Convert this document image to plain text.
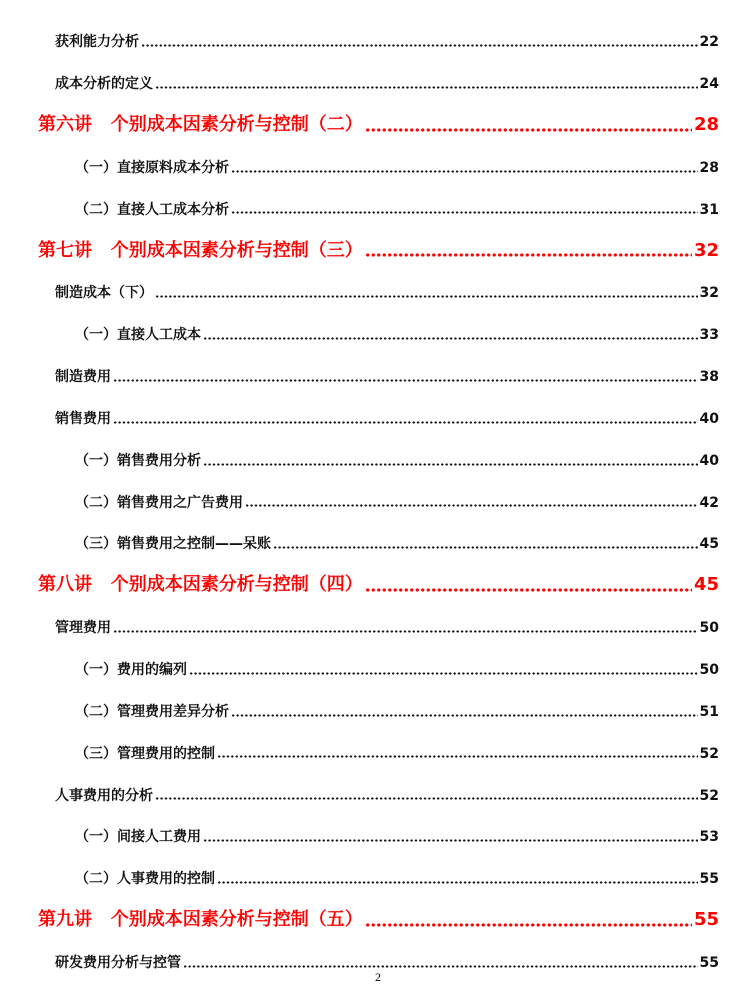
获利能力分析	22
成本分析的定义	24
第六讲   个别成本因素分析与控制（二）	28
（一）直接原料成本分析	28
（二）直接人工成本分析	31
第七讲   个别成本因素分析与控制（三）	32
制造成本（下）	32
（一）直接人工成本	33
制造费用	38
销售费用	40
（一）销售费用分析	40
（二）销售费用之广告费用	42
（三）销售费用之控制——呆账	45
第八讲   个别成本因素分析与控制（四）	45
管理费用	50
（一）费用的编列	50
（二）管理费用差异分析	51
（三）管理费用的控制	52
人事费用的分析	52
（一）间接人工费用	53
（二）人事费用的控制	55
第九讲   个别成本因素分析与控制（五）	55
研发费用分析与控管	55
2
